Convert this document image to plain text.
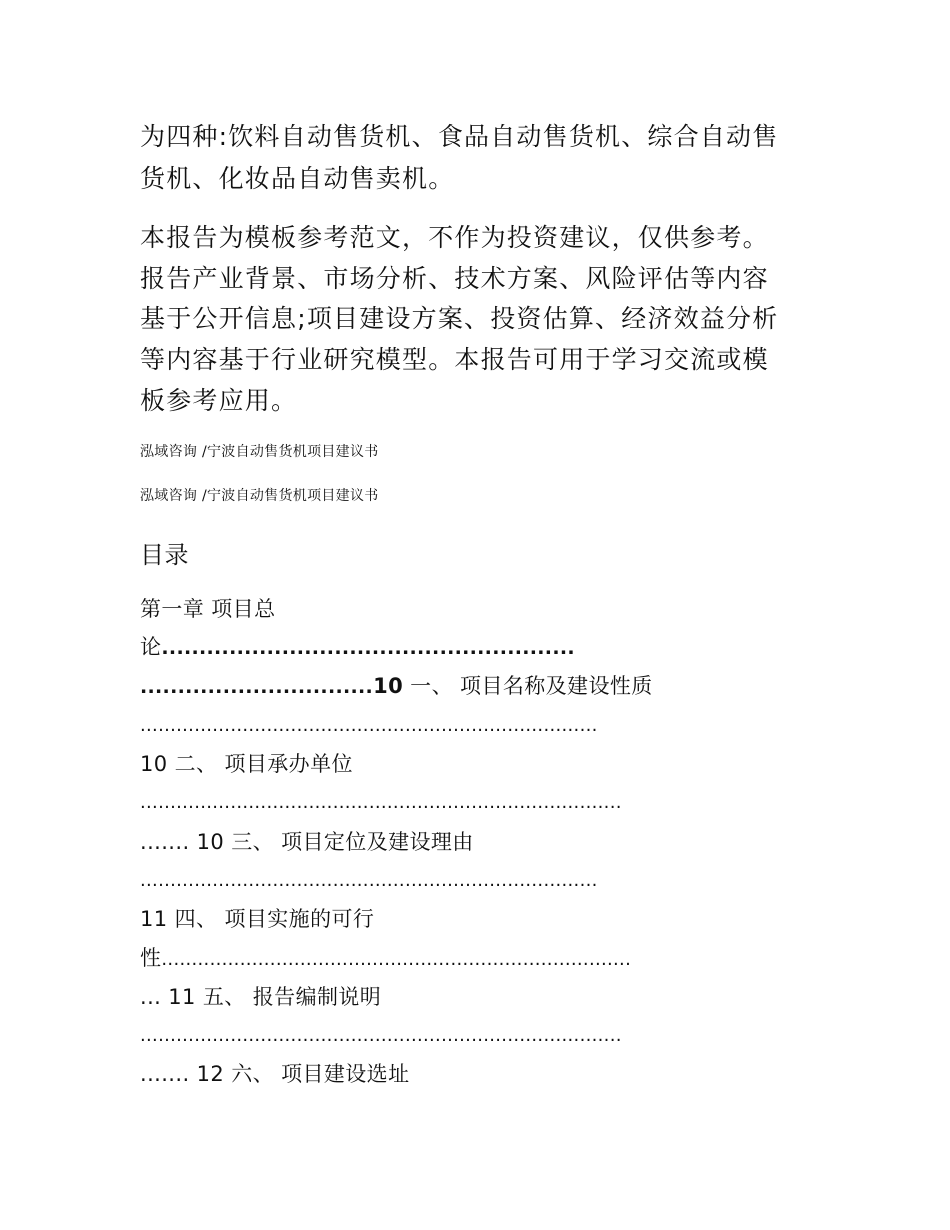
为四种:饮料自动售货机、食品自动售货机、综合自动售
货机、化妆品自动售卖机。
本报告为模板参考范文，不作为投资建议，仅供参考。
报告产业背景、市场分析、技术方案、风险评估等内容
基于公开信息;项目建设方案、投资估算、经济效益分析
等内容基于行业研究模型。本报告可用于学习交流或模
板参考应用。
泓域咨询 /宁波自动售货机项目建议书
泓域咨询 /宁波自动售货机项目建议书
目录
第一章 项目总
论.......................................................
...............................10 一、 项目名称及建设性质
............................................................................
10 二、 项目承办单位
................................................................................
....... 10 三、 项目定位及建设理由
............................................................................
11 四、 项目实施的可行
性..............................................................................
... 11 五、 报告编制说明
................................................................................
....... 12 六、 项目建设选址
